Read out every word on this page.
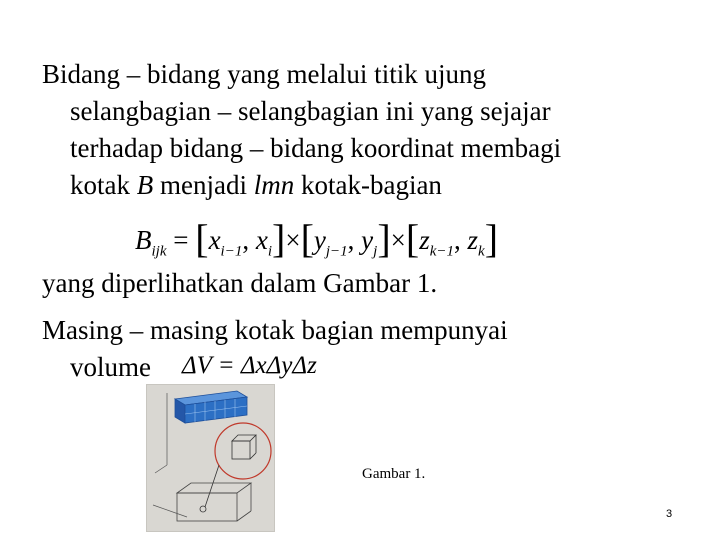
Bidang – bidang yang melalui titik ujung
selangbagian – selangbagian ini yang sejajar
terhadap bidang – bidang koordinat membagi
kotak B menjadi lmn kotak-bagian
$B_{ijk} = [x_{i-1}$, $x_i]\times[y_{j-1}$, $y_j]\times[z_{k-1}$, $z_k$]
yang diperlihatkan dalam Gambar 1.
Masing – masing kotak bagian mempunyai
volume	ΔV = ΔxΔyΔz
Gambar 1.
3
